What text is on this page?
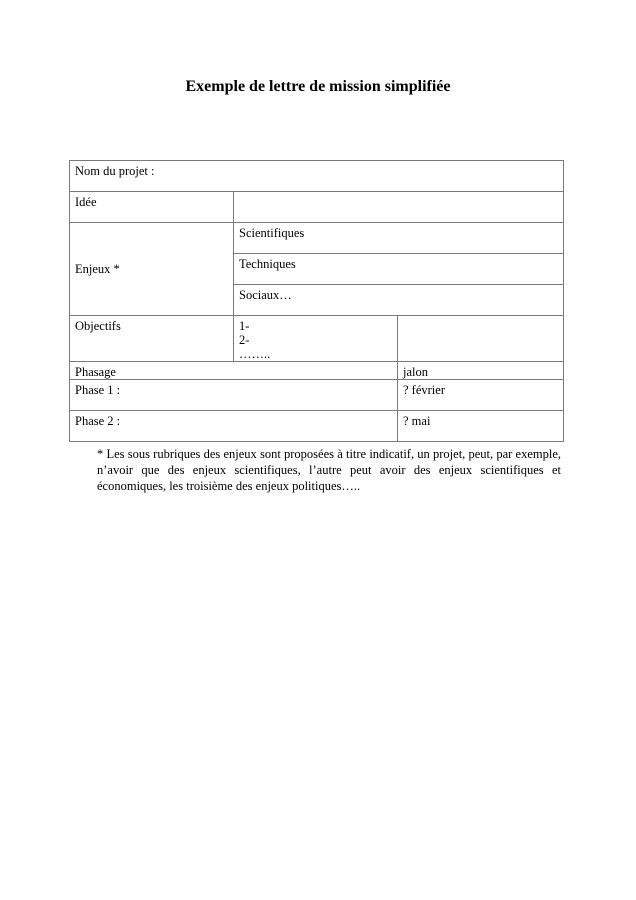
Exemple de lettre de mission simplifiée
Nom du projet :		
Idée		
Enjeux *	Scientifiques	
	Techniques	
	Sociaux…	
Objectifs	1-
2-
……..	

Phasage		jalon
Phase 1 :		? février
Phase 2 :		? mai
* Les sous rubriques des enjeux sont proposées à titre indicatif, un projet, peut, par exemple, n’avoir que des enjeux scientifiques, l’autre peut avoir des enjeux scientifiques et économiques, les troisième des enjeux politiques…..
